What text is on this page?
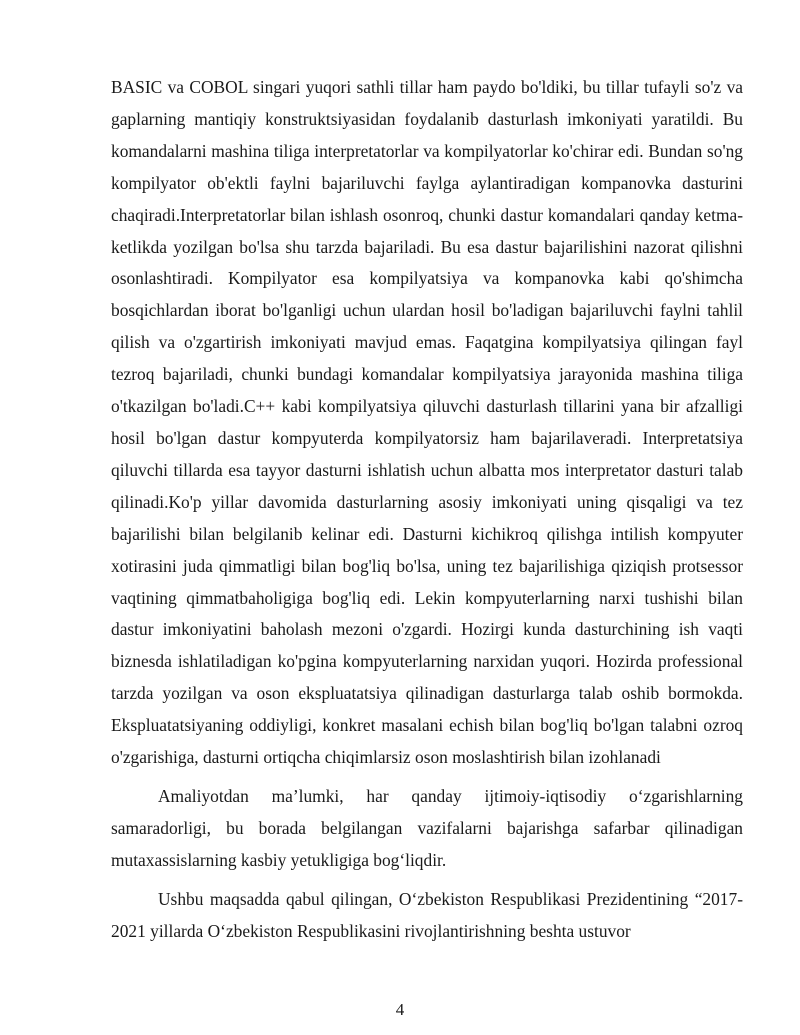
BASIC va COBOL singari yuqori sathli tillar ham paydo bo'ldiki, bu tillar tufayli so'z va gaplarning mantiqiy konstruktsiyasidan foydalanib dasturlash imkoniyati yaratildi. Bu komandalarni mashina tiliga interpretatorlar va kompilyatorlar ko'chirar edi. Bundan so'ng kompilyator ob'ektli faylni bajariluvchi faylga aylantiradigan kompanovka dasturini chaqiradi.Interpretatorlar bilan ishlash osonroq, chunki dastur komandalari qanday ketma- ketlikda yozilgan bo'lsa shu tarzda bajariladi. Bu esa dastur bajarilishini nazorat qilishni osonlashtiradi. Kompilyator esa kompilyatsiya va kompanovka kabi qo'shimcha bosqichlardan iborat bo'lganligi uchun ulardan hosil bo'ladigan bajariluvchi faylni tahlil qilish va o'zgartirish imkoniyati mavjud emas. Faqatgina kompilyatsiya qilingan fayl tezroq bajariladi, chunki bundagi komandalar kompilyatsiya jarayonida mashina tiliga o'tkazilgan bo'ladi.C++ kabi kompilyatsiya qiluvchi dasturlash tillarini yana bir afzalligi hosil bo'lgan dastur kompyuterda kompilyatorsiz ham bajarilaveradi. Interpretatsiya qiluvchi tillarda esa tayyor dasturni ishlatish uchun albatta mos interpretator dasturi talab qilinadi.Ko'p yillar davomida dasturlarning asosiy imkoniyati uning qisqaligi va tez bajarilishi bilan belgilanib kelinar edi. Dasturni kichikroq qilishga intilish kompyuter xotirasini juda qimmatligi bilan bog'liq bo'lsa, uning tez bajarilishiga qiziqish protsessor vaqtining qimmatbaholigiga bog'liq edi. Lekin kompyuterlarning narxi tushishi bilan dastur imkoniyatini baholash mezoni o'zgardi. Hozirgi kunda dasturchining ish vaqti biznesda ishlatiladigan ko'pgina kompyuterlarning narxidan yuqori. Hozirda professional tarzda yozilgan va oson ekspluatatsiya qilinadigan dasturlarga talab oshib bormokda. Ekspluatatsiyaning oddiyligi, konkret masalani echish bilan bog'liq bo'lgan talabni ozroq o'zgarishiga, dasturni ortiqcha chiqimlarsiz oson moslashtirish bilan izohlanadi

Amaliyotdan ma’lumki, har qanday ijtimoiy-iqtisodiy o‘zgarishlarning samaradorligi, bu borada belgilangan vazifalarni bajarishga safarbar qilinadigan mutaxassislarning kasbiy yetukligiga bog‘liqdir.

Ushbu maqsadda qabul qilingan, O‘zbekiston Respublikasi Prezidentining “2017-2021 yillarda O‘zbekiston Respublikasini rivojlantirishning beshta ustuvor

4
